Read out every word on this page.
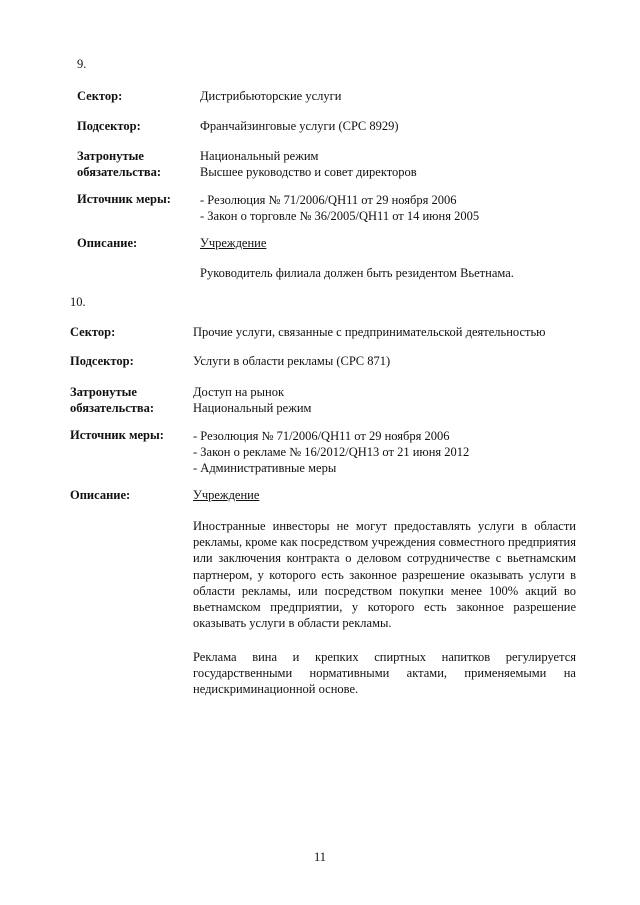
9.
Сектор:	Дистрибьюторские услуги
Подсектор:	Франчайзинговые услуги (CPC 8929)
Затронутые
обязательства:
Национальный режим
Высшее руководство и совет директоров
Источник меры: - Резолюция № 71/2006/QH11 от 29 ноября 2006
- Закон о торговле № 36/2005/QH11 от 14 июня 2005
Описание:	Учреждение
Руководитель филиала должен быть резидентом Вьетнама.
10.
Сектор:	Прочие услуги, связанные с предпринимательской деятельностью
Подсектор:	Услуги в области рекламы (CPC 871)
Затронутые
обязательства:
Доступ на рынок
Национальный режим
Источник меры: - Резолюция № 71/2006/QH11 от 29 ноября 2006
- Закон о рекламе № 16/2012/QH13 от 21 июня 2012
- Административные меры
Описание:	Учреждение
Иностранные инвесторы не могут предоставлять услуги в области рекламы, кроме как посредством учреждения совместного предприятия или заключения контракта о деловом сотрудничестве с вьетнамским партнером, у которого есть законное разрешение оказывать услуги в области рекламы, или посредством покупки менее 100% акций во вьетнамском предприятии, у которого есть законное разрешение оказывать услуги в области рекламы.
Реклама вина и крепких спиртных напитков регулируется государственными нормативными актами, применяемыми на недискриминационной основе.
11
